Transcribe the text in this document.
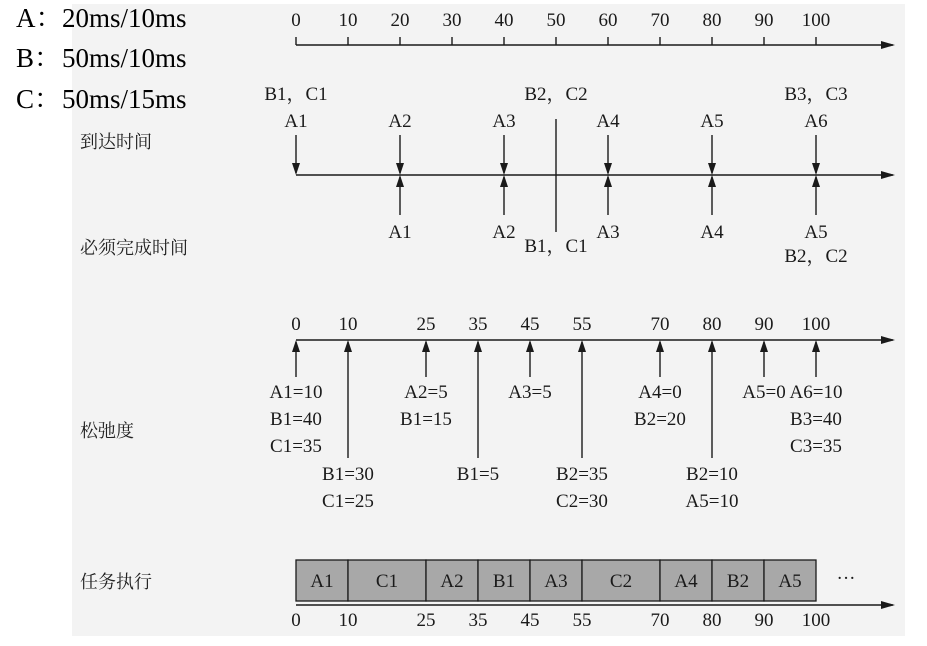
A：20ms/10ms
B：50ms/10ms
C：50ms/15ms
到达时间
必须完成时间
松弛度
任务执行
0 10 20 30 40 50 60 70 80 90 100
A1
B1，C1
A2	A3
B2，C2
A4	A5	A6
B3，C3
A1	A2
B1，C1
A3	A4	A5
B2，C2
0 10	25 35 45 55	70 80 90 100
A1=10
B1=40
C1=35
B1=30
C1=25
A2=5
B1=15
B1=5
A3=5
B2=35
C2=30
A4=0
B2=20
B2=10
A5=10
A5=0 A6=10
B3=40
C3=35
A1 C1 A2 B1 A3 C2 A4 B2 A5 ···
0 10	25 35 45 55	70 80 90 100
